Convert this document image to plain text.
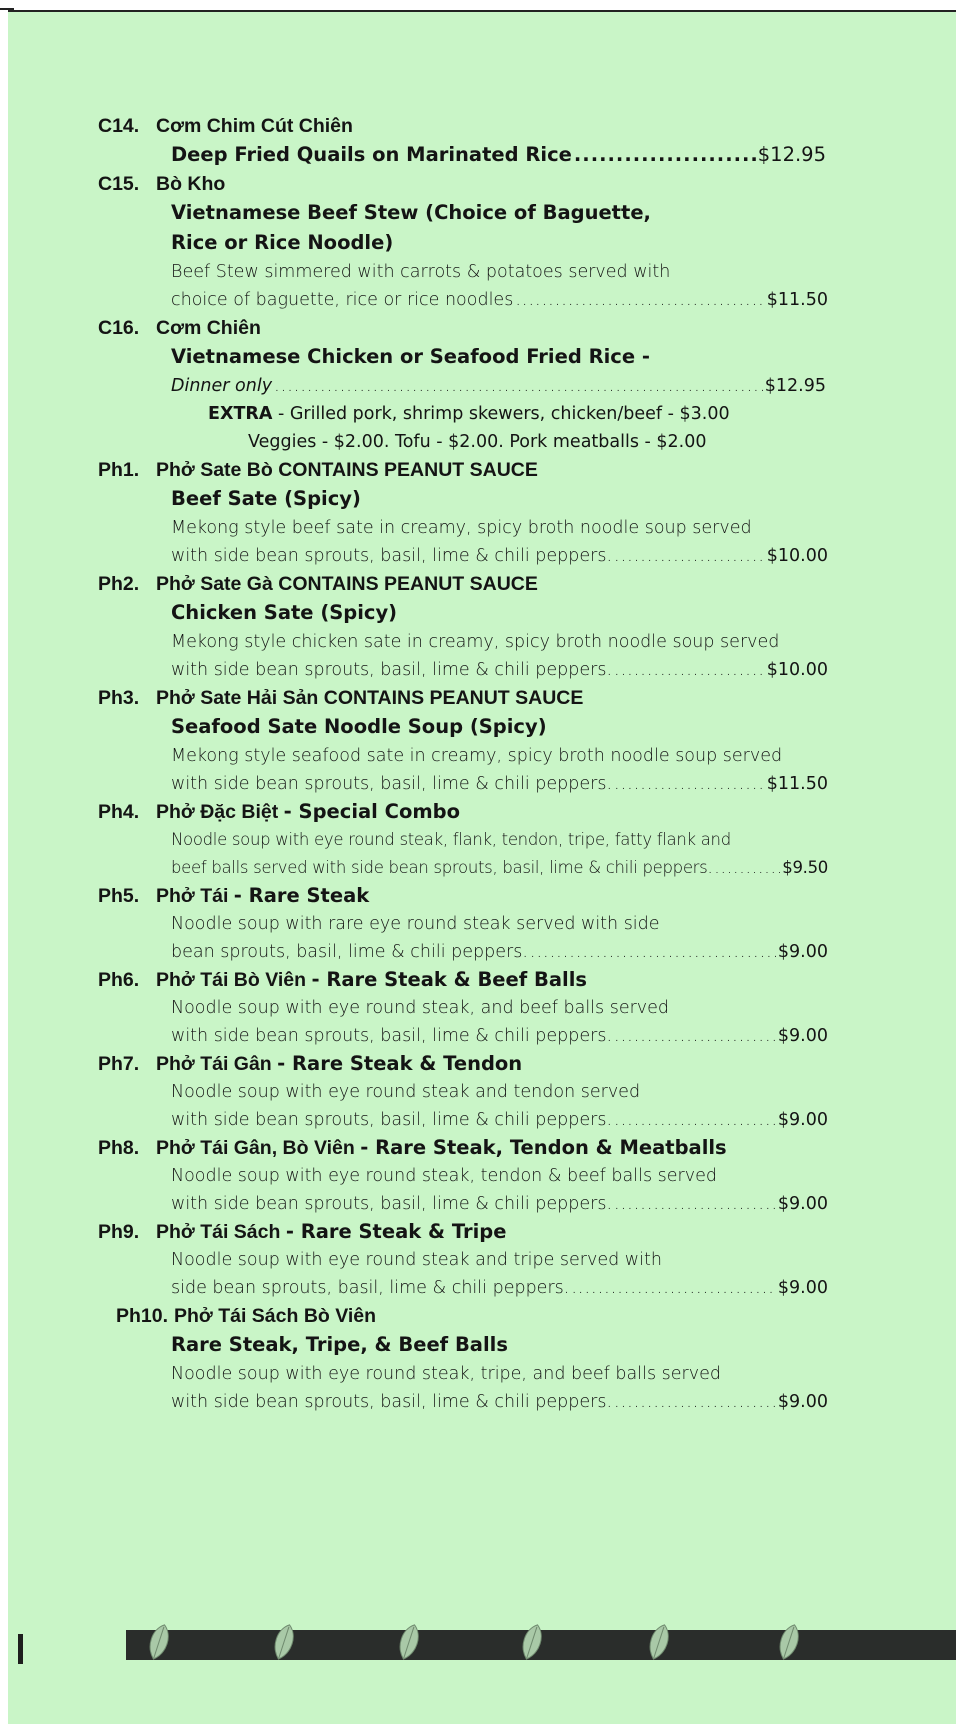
C14. Cơm Chim Cút Chiên
Deep Fried Quails on Marinated Rice .....	$12.95
C15. Bò Kho
Vietnamese Beef Stew (Choice of Baguette,
Rice or Rice Noodle)
Beef Stew simmered with carrots & potatoes served with
choice of baguette, rice or rice noodles .....	$11.50
C16. Cơm Chiên
Vietnamese Chicken or Seafood Fried Rice -
Dinner only .....	$12.95
EXTRA - Grilled pork, shrimp skewers, chicken/beef - $3.00
Veggies - $2.00. Tofu - $2.00. Pork meatballs - $2.00
Ph1. Phở Sate Bò CONTAINS PEANUT SAUCE
Beef Sate (Spicy)
Mekong style beef sate in creamy, spicy broth noodle soup served
with side bean sprouts, basil, lime & chili peppers. .....	$10.00
Ph2. Phở Sate Gà CONTAINS PEANUT SAUCE
Chicken Sate (Spicy)
Mekong style chicken sate in creamy, spicy broth noodle soup served
with side bean sprouts, basil, lime & chili peppers. .....	$10.00
Ph3. Phở Sate Hải Sản CONTAINS PEANUT SAUCE
Seafood Sate Noodle Soup (Spicy)
Mekong style seafood sate in creamy, spicy broth noodle soup served
with side bean sprouts, basil, lime & chili peppers. .....	$11.50
Ph4. Phở Đặc Biệt - Special Combo
Noodle soup with eye round steak, flank, tendon, tripe, fatty flank and
beef balls served with side bean sprouts, basil, lime & chili peppers. .....	$9.50
Ph5. Phở Tái - Rare Steak
Noodle soup with rare eye round steak served with side
bean sprouts, basil, lime & chili peppers. .....	$9.00
Ph6. Phở Tái Bò Viên - Rare Steak & Beef Balls
Noodle soup with eye round steak, and beef balls served
with side bean sprouts, basil, lime & chili peppers. .....	$9.00
Ph7. Phở Tái Gân - Rare Steak & Tendon
Noodle soup with eye round steak and tendon served
with side bean sprouts, basil, lime & chili peppers. .....	$9.00
Ph8. Phở Tái Gân, Bò Viên - Rare Steak, Tendon & Meatballs
Noodle soup with eye round steak, tendon & beef balls served
with side bean sprouts, basil, lime & chili peppers. .....	$9.00
Ph9. Phở Tái Sách - Rare Steak & Tripe
Noodle soup with eye round steak and tripe served with
side bean sprouts, basil, lime & chili peppers. .....	$9.00
Ph10. Phở Tái Sách Bò Viên
Rare Steak, Tripe, & Beef Balls
Noodle soup with eye round steak, tripe, and beef balls served
with side bean sprouts, basil, lime & chili peppers. .....	$9.00
